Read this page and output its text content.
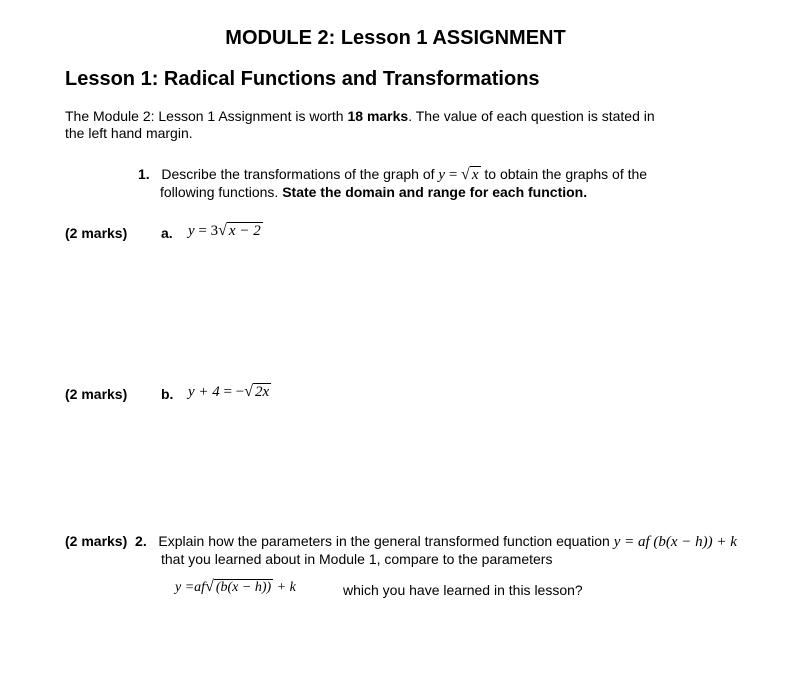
MODULE 2: Lesson 1 ASSIGNMENT
Lesson 1: Radical Functions and Transformations
The Module 2: Lesson 1 Assignment is worth 18 marks. The value of each question is stated in
the left hand margin.
1. Describe the transformations of the graph of y = √ x to obtain the graphs of the
following functions. State the domain and range for each function.
(2 marks) a. y = 3√ x − 2
(2 marks) b. y + 4 = −√ 2x
(2 marks) 2. Explain how the parameters in the general transformed function equation y = af (b(x − h)) + k
that you learned about in Module 1, compare to the parameters
y =af√ (b(x − h)) + k	which you have learned in this lesson?
